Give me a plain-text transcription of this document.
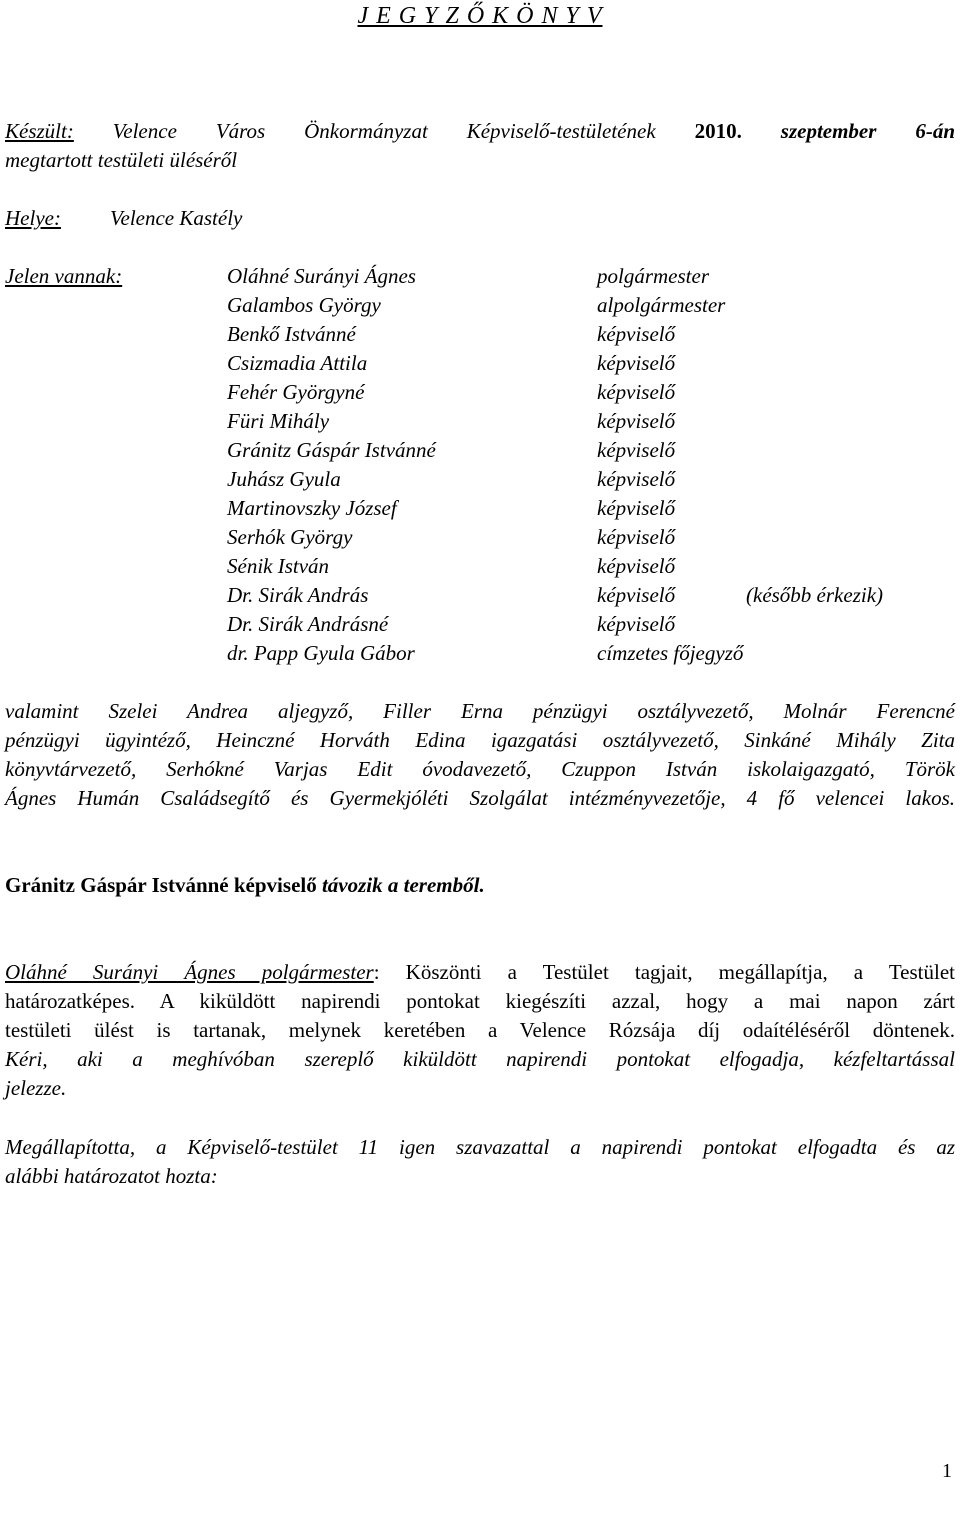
J E G Y Z Ő K Ö N Y V
Készült: Velence Város Önkormányzat Képviselő-testületének 2010. szeptember 6-án
megtartott testületi üléséről
Helye: Velence Kastély
Jelen vannak:	Oláhné Surányi Ágnes	polgármester
Galambos György	alpolgármester
Benkő Istvánné	képviselő
Csizmadia Attila	képviselő
Fehér Györgyné	képviselő
Füri Mihály	képviselő
Gránitz Gáspár Istvánné	képviselő
Juhász Gyula	képviselő
Martinovszky József	képviselő
Serhók György	képviselő
Sénik István	képviselő
Dr. Sirák András	képviselő	(később érkezik)
Dr. Sirák Andrásné	képviselő
dr. Papp Gyula Gábor	címzetes főjegyző
valamint Szelei Andrea aljegyző, Filler Erna pénzügyi osztályvezető, Molnár Ferencné
pénzügyi ügyintéző, Heinczné Horváth Edina igazgatási osztályvezető, Sinkáné Mihály Zita
könyvtárvezető, Serhókné Varjas Edit óvodavezető, Czuppon István iskolaigazgató, Török
Ágnes Humán Családsegítő és Gyermekjóléti Szolgálat intézményvezetője, 4 fő velencei lakos.
Gránitz Gáspár Istvánné képviselő távozik a teremből.
Oláhné Surányi Ágnes polgármester: Köszönti a Testület tagjait, megállapítja, a Testület
határozatképes. A kiküldött napirendi pontokat kiegészíti azzal, hogy a mai napon zárt
testületi ülést is tartanak, melynek keretében a Velence Rózsája díj odaítéléséről döntenek.
Kéri, aki a meghívóban szereplő kiküldött napirendi pontokat elfogadja, kézfeltartással
jelezze.
Megállapította, a Képviselő-testület 11 igen szavazattal a napirendi pontokat elfogadta és az
alábbi határozatot hozta:
1
